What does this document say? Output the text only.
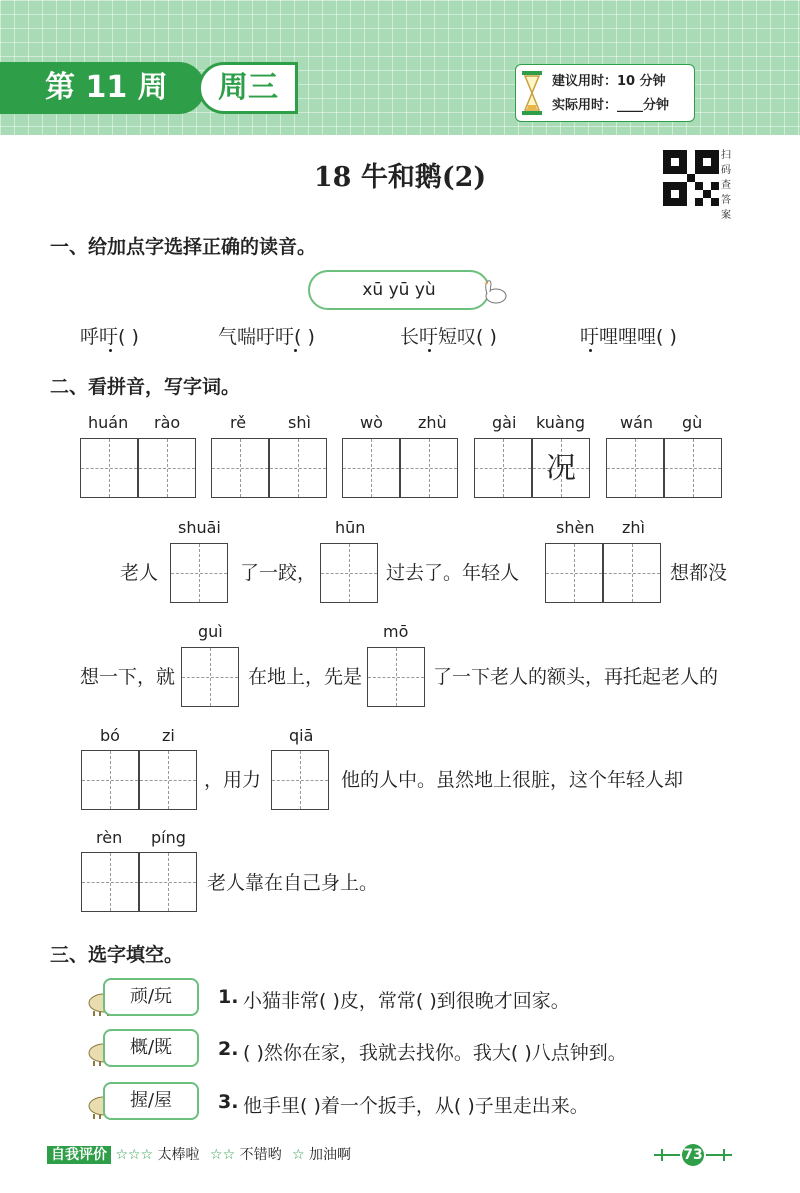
第 11 周	周三	建议用时：10 分钟
实际用时：____分钟
18 牛和鹅(2)
扫码查答案
一、给加点字选择正确的读音。
xū yū yù
呼吁( )	气喘吁吁( )	长吁短叹( )	吁哩哩哩( )
二、看拼音，写字词。
huán rào	rě	shì	wò zhù	gài kuàng wán gù
况
shuāi	hūn	shèn zhì
老人	了一跤，	过去了。年轻人	想都没
guì	mō
想一下，就	在地上，先是	了一下老人的额头，再托起老人的
bó	zi	qiā
，用力	他的人中。虽然地上很脏，这个年轻人却
rèn píng
老人靠在自己身上。
三、选字填空。
顽/玩	1. 小猫非常( )皮，常常( )到很晚才回家。
概/既	2. ( )然你在家，我就去找你。我大( )八点钟到。
握/屋	3. 他手里( )着一个扳手，从( )子里走出来。
自我评价 ☆☆☆ 太棒啦 ☆☆ 不错哟 ☆ 加油啊	73
